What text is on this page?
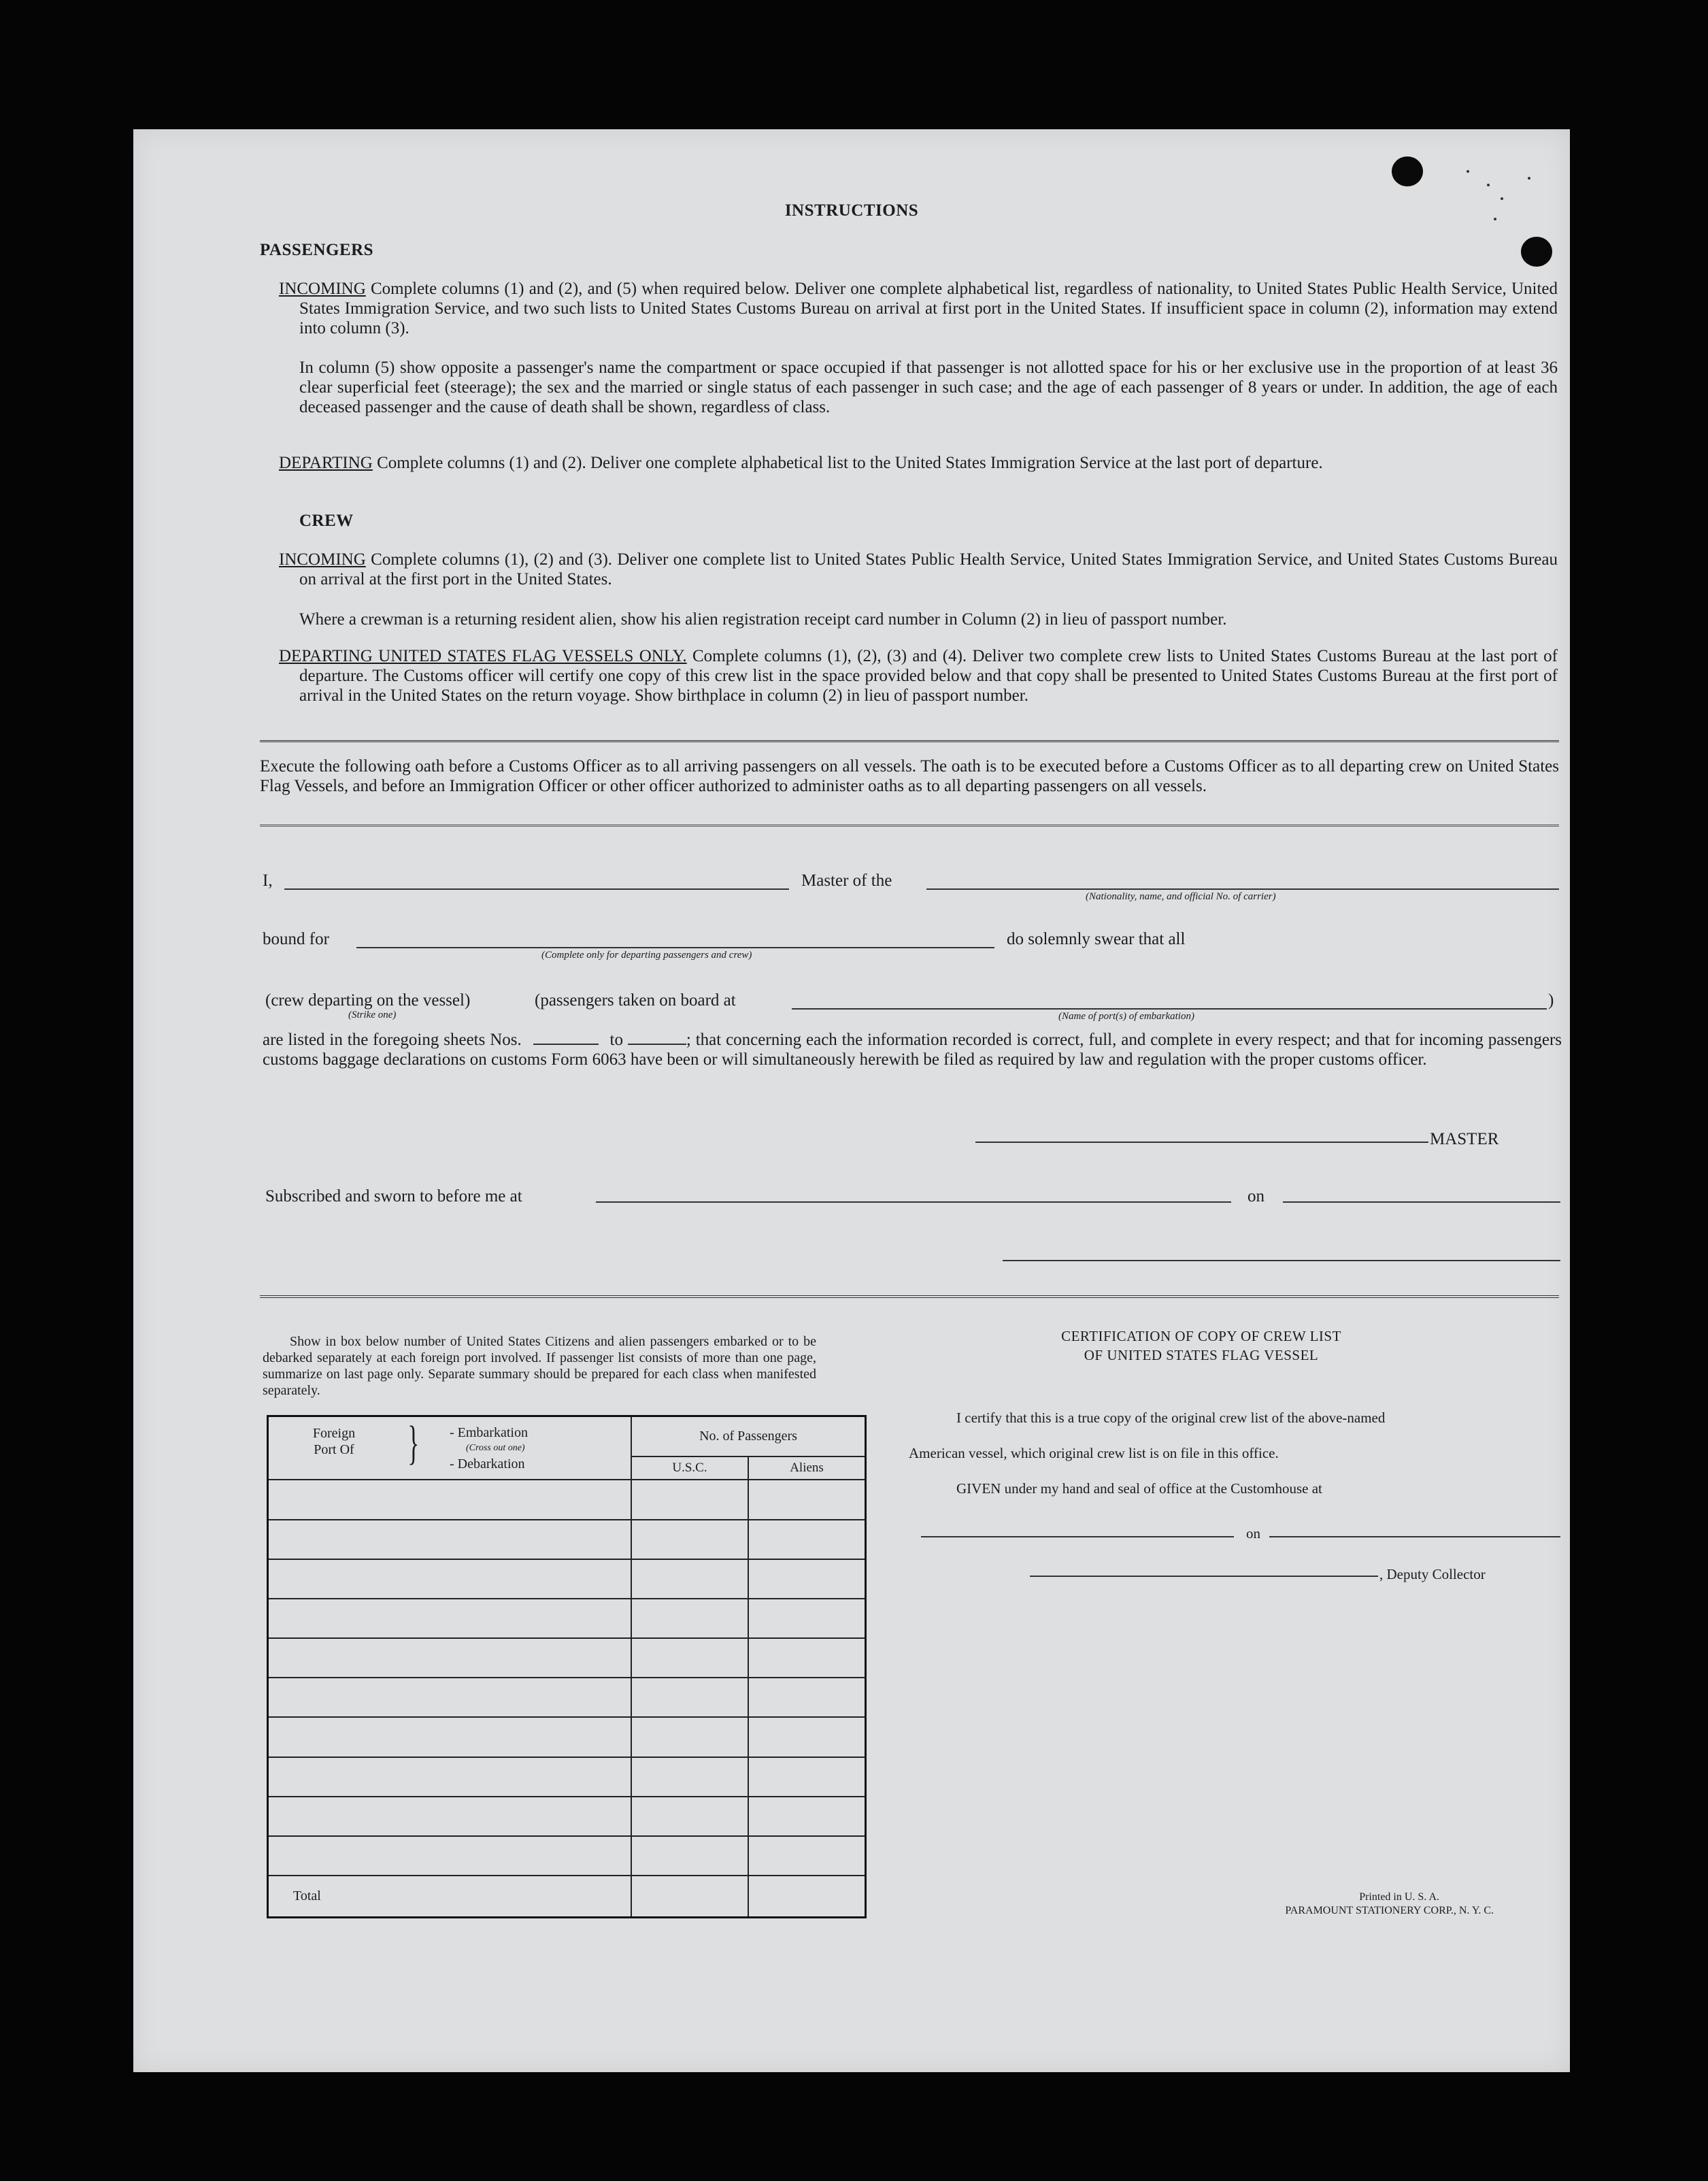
INSTRUCTIONS
PASSENGERS
INCOMING Complete columns (1) and (2), and (5) when required below. Deliver one complete alphabetical list, regardless of nationality, to United States Public Health Service, United States Immigration Service, and two such lists to United States Customs Bureau on arrival at first port in the United States. If insufficient space in column (2), information may extend into column (3).
In column (5) show opposite a passenger's name the compartment or space occupied if that passenger is not allotted space for his or her exclusive use in the proportion of at least 36 clear superficial feet (steerage); the sex and the married or single status of each passenger in such case; and the age of each passenger of 8 years or under. In addition, the age of each deceased passenger and the cause of death shall be shown, regardless of class.
DEPARTING Complete columns (1) and (2). Deliver one complete alphabetical list to the United States Immigration Service at the last port of departure.
CREW
INCOMING Complete columns (1), (2) and (3). Deliver one complete list to United States Public Health Service, United States Immigration Service, and United States Customs Bureau on arrival at the first port in the United States.
Where a crewman is a returning resident alien, show his alien registration receipt card number in Column (2) in lieu of passport number.
DEPARTING UNITED STATES FLAG VESSELS ONLY. Complete columns (1), (2), (3) and (4). Deliver two complete crew lists to United States Customs Bureau at the last port of departure. The Customs officer will certify one copy of this crew list in the space provided below and that copy shall be presented to United States Customs Bureau at the first port of arrival in the United States on the return voyage. Show birthplace in column (2) in lieu of passport number.
Execute the following oath before a Customs Officer as to all arriving passengers on all vessels. The oath is to be executed before a Customs Officer as to all departing crew on United States Flag Vessels, and before an Immigration Officer or other officer authorized to administer oaths as to all departing passengers on all vessels.
I,	Master of the
(Nationality, name, and official No. of carrier)
bound for
(Complete only for departing passengers and crew)
do solemnly swear that all
(crew departing on the vessel)
(Strike one)
(passengers taken on board at
(Name of port(s) of embarkation)
)
are listed in the foregoing sheets Nos.	to	; that concerning each the information recorded is correct, full, and complete in every respect; and that for incoming passengers customs baggage declarations on customs Form 6063 have been or will simultaneously herewith be filed as required by law and regulation with the proper customs officer.
MASTER
Subscribed and sworn to before me at	on
Show in box below number of United States Citizens and alien passengers embarked or to be debarked separately at each foreign port involved. If passenger list consists of more than one page, summarize on last page only. Separate summary should be prepared for each class when manifested separately.
Foreign Port Of } - Embarkation
(Cross out one)
- Debarkation	No. of Passengers	
	U.S.C.	Aliens

Total		
CERTIFICATION OF COPY OF CREW LIST
OF UNITED STATES FLAG VESSEL
I certify that this is a true copy of the original crew list of the above-named
American vessel, which original crew list is on file in this office.
GIVEN under my hand and seal of office at the Customhouse at
on
, Deputy Collector
Printed in U. S. A.
PARAMOUNT STATIONERY CORP., N. Y. C.
